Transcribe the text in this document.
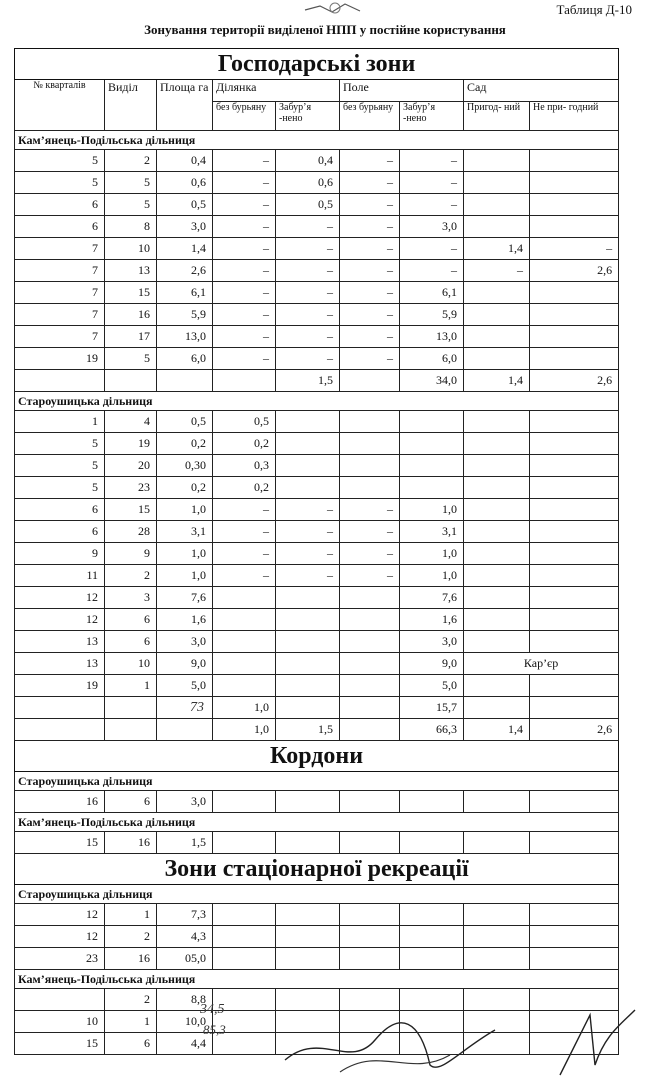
Таблиця Д-10
Зонування території виділеної НПП у постійне користування
Господарські зони								
№ кварталів	Виділ	Площа га	Ділянка		Поле		Сад	
			без бурьяну	Забур’я -нено	без бурьяну	Забур’я -нено	Пригод- ний	Не при- годний
Кам’янець-Подільська дільниця								
5	2	0,4	–	0,4	–	–		
5	5	0,6	–	0,6	–	–		
6	5	0,5	–	0,5	–	–		
6	8	3,0	–	–	–	3,0		
7	10	1,4	–	–	–	–	1,4	–
7	13	2,6	–	–	–	–	–	2,6
7	15	6,1	–	–	–	6,1		
7	16	5,9	–	–	–	5,9		
7	17	13,0	–	–	–	13,0		
19	5	6,0	–	–	–	6,0		
				1,5		34,0	1,4	2,6
Староушицька дільниця								
1	4	0,5	0,5					
5	19	0,2	0,2					
5	20	0,30	0,3					
5	23	0,2	0,2					
6	15	1,0	–	–	–	1,0		
6	28	3,1	–	–	–	3,1		
9	9	1,0	–	–	–	1,0		
11	2	1,0	–	–	–	1,0		
12	3	7,6				7,6		
12	6	1,6				1,6		
13	6	3,0				3,0		
13	10	9,0				9,0	Кар’єр	
19	1	5,0				5,0		
			1,0			15,7		
			1,0	1,5		66,3	1,4	2,6
Кордони								
Староушицька дільниця								
16	6	3,0						
Кам’янець-Подільська дільниця								
15	16	1,5						
Зони стаціонарної рекреації								
Староушицька дільниця								
12	1	7,3						
12	2	4,3						
23	16	05,0						
Кам’янець-Подільська дільниця								
	2	8,8						
10	1	10,0						
15	6	4,4						
73
34,5
85,3
